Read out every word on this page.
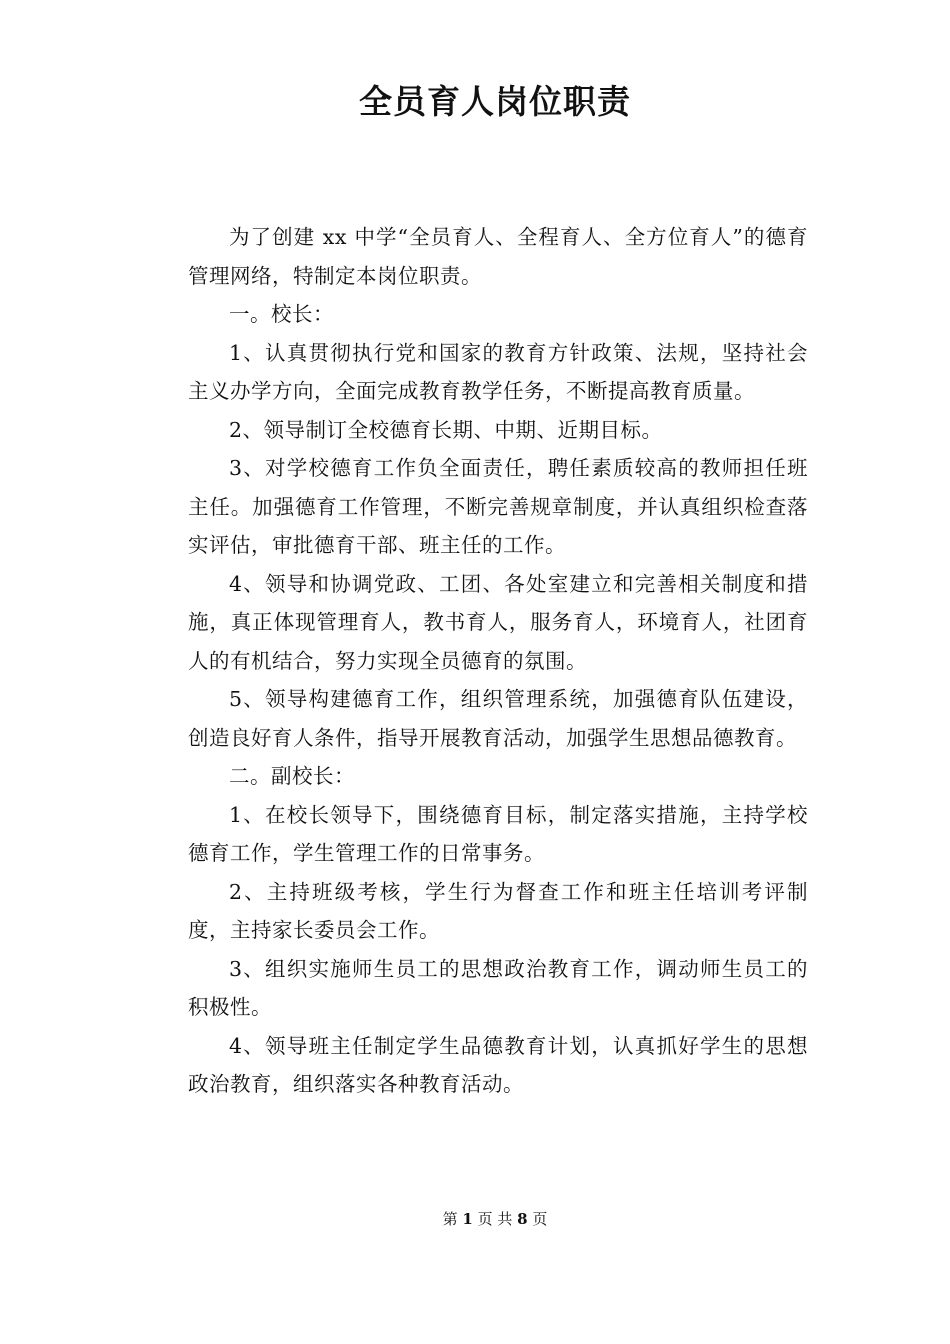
全员育人岗位职责

为了创建 xx 中学“全员育人、全程育人、全方位育人”的德育管理网络，特制定本岗位职责。

一。校长：

1、认真贯彻执行党和国家的教育方针政策、法规，坚持社会主义办学方向，全面完成教育教学任务，不断提高教育质量。

2、领导制订全校德育长期、中期、近期目标。

3、对学校德育工作负全面责任，聘任素质较高的教师担任班主任。加强德育工作管理，不断完善规章制度，并认真组织检查落实评估，审批德育干部、班主任的工作。

4、领导和协调党政、工团、各处室建立和完善相关制度和措施，真正体现管理育人，教书育人，服务育人，环境育人，社团育人的有机结合，努力实现全员德育的氛围。

5、领导构建德育工作，组织管理系统，加强德育队伍建设，创造良好育人条件，指导开展教育活动，加强学生思想品德教育。

二。副校长：

1、在校长领导下，围绕德育目标，制定落实措施，主持学校德育工作，学生管理工作的日常事务。

2、主持班级考核，学生行为督查工作和班主任培训考评制度，主持家长委员会工作。

3、组织实施师生员工的思想政治教育工作，调动师生员工的积极性。

4、领导班主任制定学生品德教育计划，认真抓好学生的思想政治教育，组织落实各种教育活动。

第 1 页 共 8 页
